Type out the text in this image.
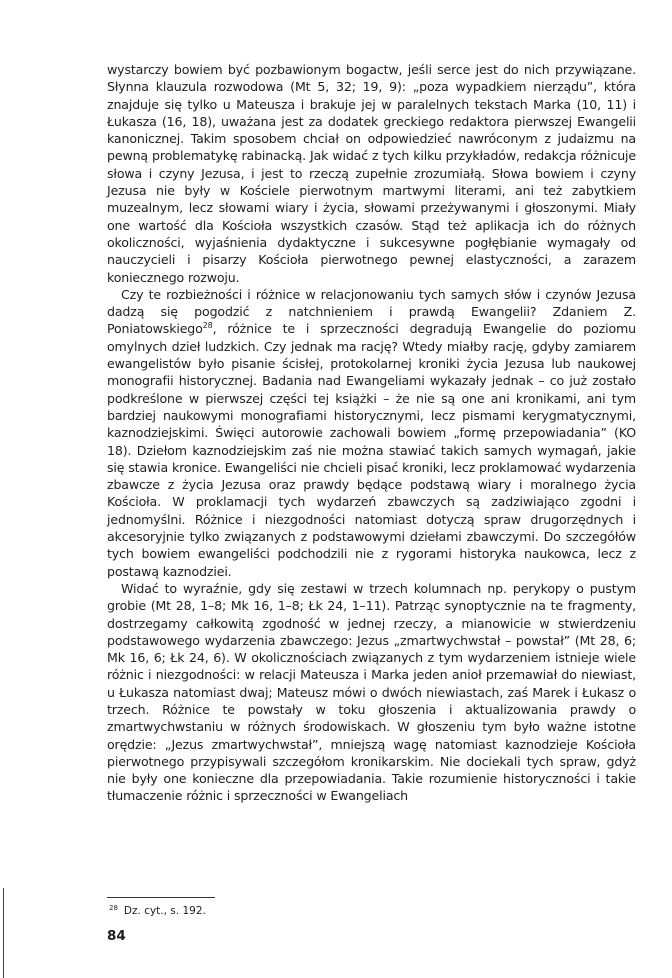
wystarczy bowiem być pozbawionym bogactw, jeśli serce jest do nich przywiązane. Słynna klauzula rozwodowa (Mt 5, 32; 19, 9): „poza wypadkiem nierządu”, która znajduje się tylko u Mateusza i brakuje jej w paralelnych tekstach Marka (10, 11) i Łukasza (16, 18), uważana jest za dodatek greckiego redaktora pierwszej Ewangelii kanonicznej. Takim sposobem chciał on odpowiedzieć nawróconym z judaizmu na pewną problematykę rabinacką. Jak widać z tych kilku przykładów, redakcja różnicuje słowa i czyny Jezusa, i jest to rzeczą zupełnie zrozumiałą. Słowa bowiem i czyny Jezusa nie były w Kościele pierwotnym martwymi literami, ani też zabytkiem muzealnym, lecz słowami wiary i życia, słowami przeżywanymi i głoszonymi. Miały one wartość dla Kościoła wszystkich czasów. Stąd też aplikacja ich do różnych okoliczności, wyjaśnienia dydaktyczne i sukcesywne pogłębianie wymagały od nauczycieli i pisarzy Kościoła pierwotnego pewnej elastyczności, a zarazem koniecznego rozwoju.

Czy te rozbieżności i różnice w relacjonowaniu tych samych słów i czynów Jezusa dadzą się pogodzić z natchnieniem i prawdą Ewangelii? Zdaniem Z. Poniatowskiego$^{28}$, różnice te i sprzeczności degradują Ewangelie do poziomu omylnych dzieł ludzkich. Czy jednak ma rację? Wtedy miałby rację, gdyby zamiarem ewangelistów było pisanie ścisłej, protokolarnej kroniki życia Jezusa lub naukowej monografii historycznej. Badania nad Ewangeliami wykazały jednak – co już zostało podkreślone w pierwszej części tej książki – że nie są one ani kronikami, ani tym bardziej naukowymi monografiami historycznymi, lecz pismami kerygmatycznymi, kaznodziejskimi. Święci autorowie zachowali bowiem „formę przepowiadania” (KO 18). Dziełom kaznodziejskim zaś nie można stawiać takich samych wymagań, jakie się stawia kronice. Ewangeliści nie chcieli pisać kroniki, lecz proklamować wydarzenia zbawcze z życia Jezusa oraz prawdy będące podstawą wiary i moralnego życia Kościoła. W proklamacji tych wydarzeń zbawczych są zadziwiająco zgodni i jednomyślni. Różnice i niezgodności natomiast dotyczą spraw drugorzędnych i akcesoryjnie tylko związanych z podstawowymi dziełami zbawczymi. Do szczegółów tych bowiem ewangeliści podchodzili nie z rygorami historyka naukowca, lecz z postawą kaznodziei.

Widać to wyraźnie, gdy się zestawi w trzech kolumnach np. perykopy o pustym grobie (Mt 28, 1–8; Mk 16, 1–8; Łk 24, 1–11). Patrząc synoptycznie na te fragmenty, dostrzegamy całkowitą zgodność w jednej rzeczy, a mianowicie w stwierdzeniu podstawowego wydarzenia zbawczego: Jezus „zmartwychwstał – powstał” (Mt 28, 6; Mk 16, 6; Łk 24, 6). W okolicznościach związanych z tym wydarzeniem istnieje wiele różnic i niezgodności: w relacji Mateusza i Marka jeden anioł przemawiał do niewiast, u Łukasza natomiast dwaj; Mateusz mówi o dwóch niewiastach, zaś Marek i Łukasz o trzech. Różnice te powstały w toku głoszenia i aktualizowania prawdy o zmartwychwstaniu w różnych środowiskach. W głoszeniu tym było ważne istotne orędzie: „Jezus zmartwychwstał”, mniejszą wagę natomiast kaznodzieje Kościoła pierwotnego przypisywali szczegółom kronikarskim. Nie dociekali tych spraw, gdyż nie były one konieczne dla przepowiadania. Takie rozumienie historyczności i takie tłumaczenie różnic i sprzeczności w Ewangeliach

$^{28}$ Dz. cyt., s. 192.
84
